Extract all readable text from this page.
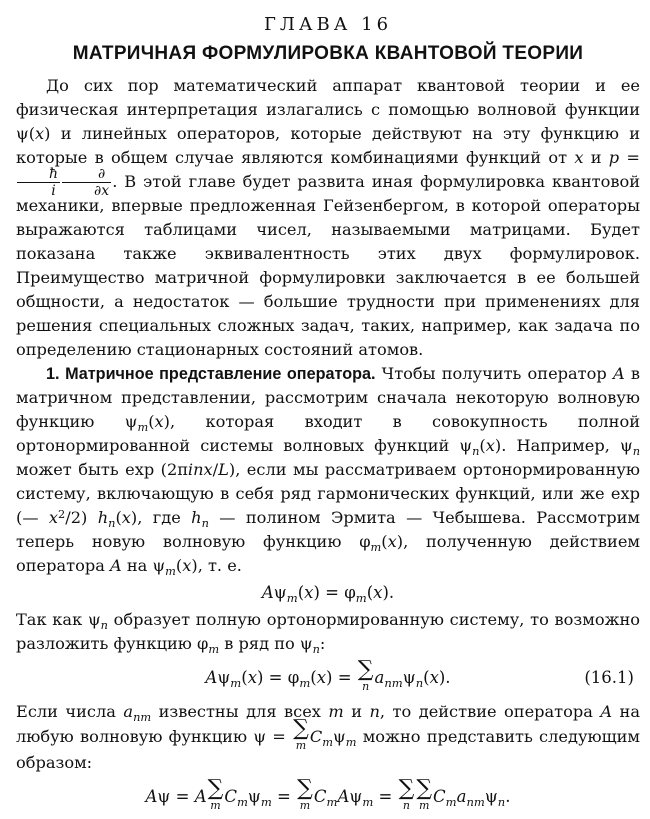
ГЛАВА 16
МАТРИЧНАЯ ФОРМУЛИРОВКА КВАНТОВОЙ ТЕОРИИ

До сих пор математический аппарат квантовой теории и ее физическая интерпретация излагались с помощью волновой функции ψ(x) и линейных операторов, которые действуют на эту функцию и которые в общем случае являются комбинациями функций от x и p =
$\frac{ħ}{i} \frac{\partial}{\partial x}$ . В этой главе будет развита иная формулировка квантовой механики, впервые предложенная Гейзенбергом, в которой операторы выражаются таблицами чисел, называемыми матрицами. Будет показана также эквивалентность этих двух формулировок. Преимущество матричной формулировки заключается в ее большей общности, а недостаток — большие трудности при применениях для решения специальных сложных задач, таких, например, как задача по определению стационарных состояний атомов.

1. Матричное представление оператора. Чтобы получить оператор A в матричном представлении, рассмотрим сначала некоторую волновую функцию $\psi_m(x)$, которая входит в совокупность полной ортонормированной системы волновых функций $\psi_n(x)$. Например, $\psi_n$ может быть exp (2πinx/L), если мы рассматриваем ортонормированную систему, включающую в себя ряд гармонических функций, или же exp (— $x^2/2$) $h_n(x)$, где $h_n$ — полином Эрмита — Чебышева. Рассмотрим теперь новую волновую функцию $\varphi_m(x)$, полученную действием оператора A на $\psi_m(x)$, т. е.

$A\psi_m(x) = \varphi_m(x)$.

Так как $\psi_n$ образует полную ортонормированную систему, то возможно разложить функцию $\varphi_m$ в ряд по $\psi_n$:

$A\psi_m(x) = \varphi_m(x)$ = ∑
n $a_{nm}\psi_n(x)$.	(16.1)

Если числа $a_{nm}$ известны для всех m и n, то действие оператора A на любую волновую функцию ψ = ∑
m $C_m\psi_m$ можно представить следующим образом:

Aψ = A ∑
m $C_m\psi_m$ = ∑
m $C_mA\psi_m$ = ∑
n
∑
m $C_ma_{nm}\psi_n$.
